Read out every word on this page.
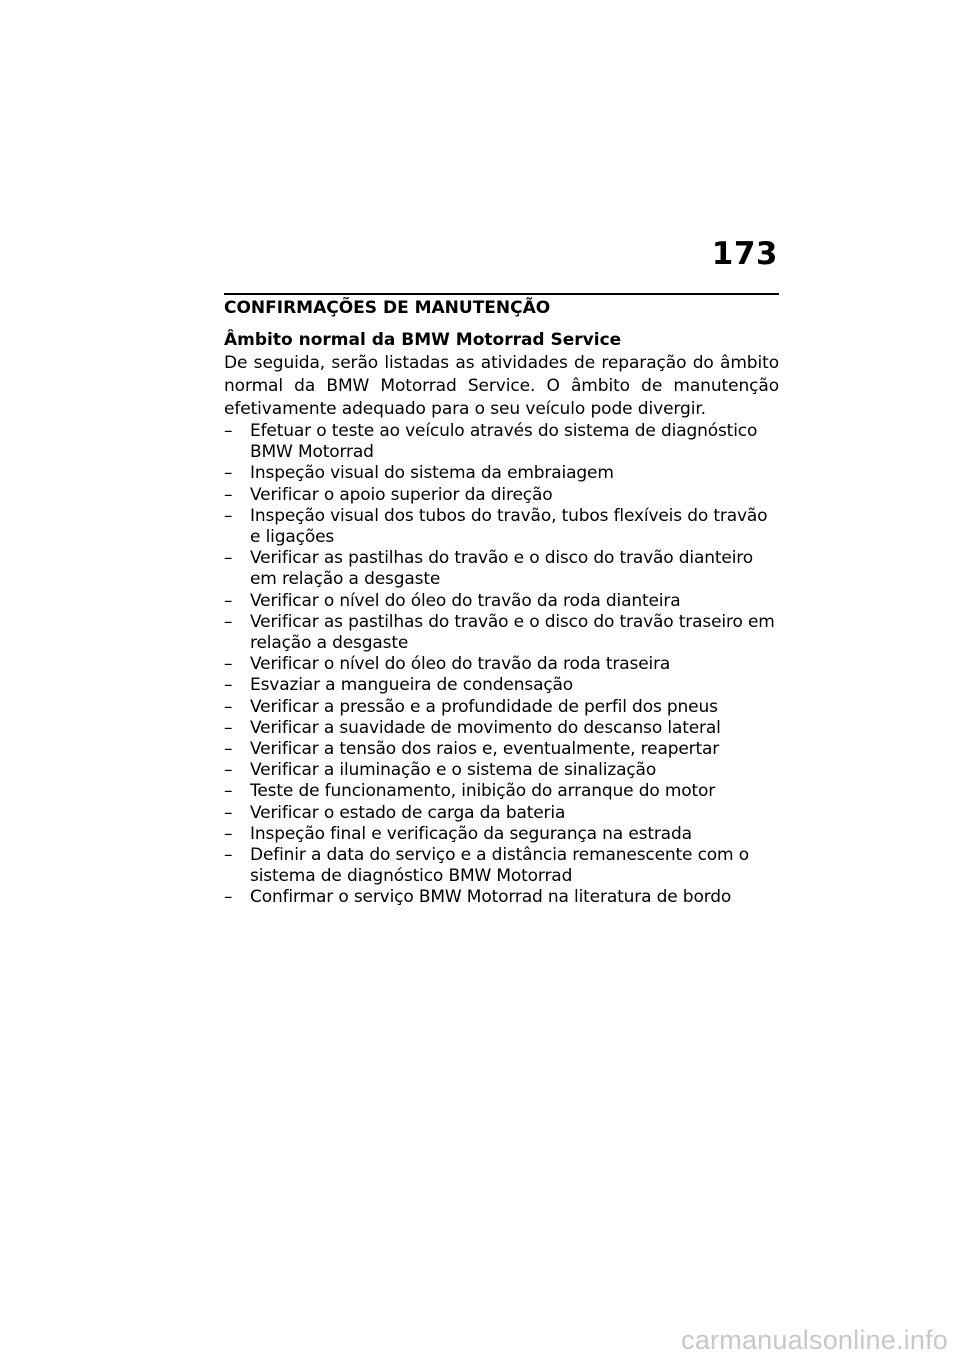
173
CONFIRMAÇÕES DE MANUTENÇÃO
Âmbito normal da BMW Motorrad Service

De seguida, serão listadas as atividades de reparação do âmbito normal da BMW Motorrad Service. O âmbito de manutenção efetivamente adequado para o seu veículo pode divergir.

– Efetuar o teste ao veículo através do sistema de diagnóstico BMW Motorrad
– Inspeção visual do sistema da embraiagem
– Verificar o apoio superior da direção
– Inspeção visual dos tubos do travão, tubos flexíveis do travão e ligações
– Verificar as pastilhas do travão e o disco do travão dianteiro em relação a desgaste
– Verificar o nível do óleo do travão da roda dianteira
– Verificar as pastilhas do travão e o disco do travão traseiro em relação a desgaste
– Verificar o nível do óleo do travão da roda traseira
– Esvaziar a mangueira de condensação
– Verificar a pressão e a profundidade de perfil dos pneus
– Verificar a suavidade de movimento do descanso lateral
– Verificar a tensão dos raios e, eventualmente, reapertar
– Verificar a iluminação e o sistema de sinalização
– Teste de funcionamento, inibição do arranque do motor
– Verificar o estado de carga da bateria
– Inspeção final e verificação da segurança na estrada
– Definir a data do serviço e a distância remanescente com o sistema de diagnóstico BMW Motorrad
– Confirmar o serviço BMW Motorrad na literatura de bordo
carmanualsonline.info
